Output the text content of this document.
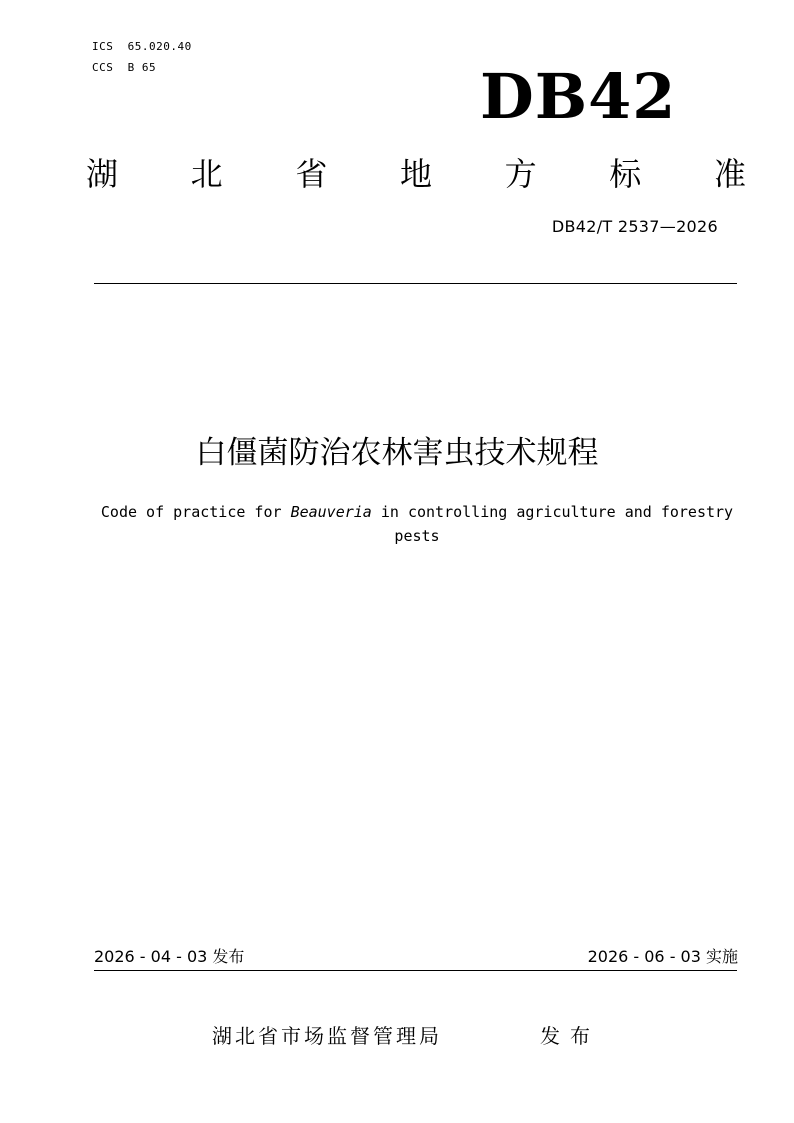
ICS  65.020.40
CCS  B 65	DB42
湖 北 省 地 方 标 准
DB42/T 2537—2026
白僵菌防治农林害虫技术规程
Code of practice for Beauveria in controlling agriculture and forestry pests
2026 - 04 - 03 发布	2026 - 06 - 03 实施
湖北省市场监督管理局	发布
